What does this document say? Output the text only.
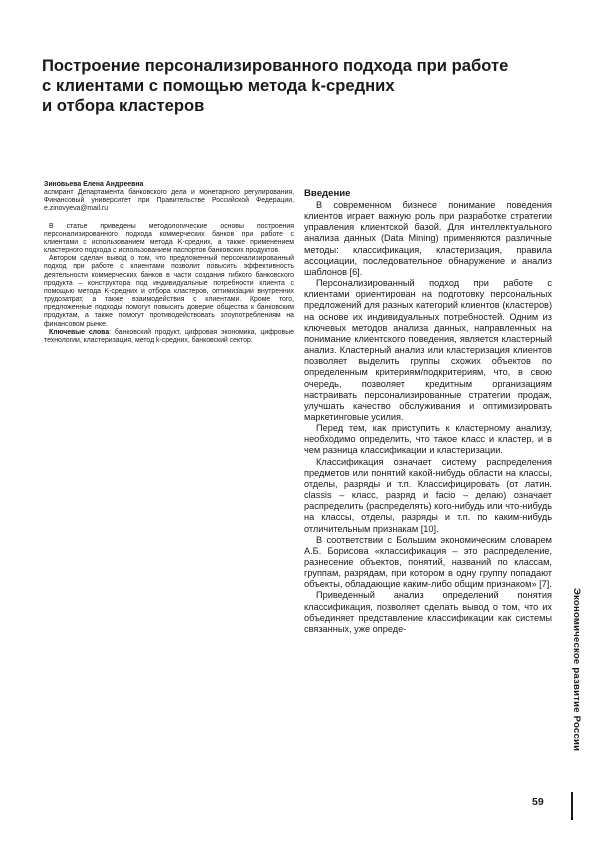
Построение персонализированного подхода при работе
с клиентами с помощью метода k-средних
и отбора кластеров

Зиновьева Елена Андреевна

аспирант Департамента банковского дела и монетарного регулирования, Финансовый университет при Правительстве Российской Федерации, e.zinovyeva@mail.ru

В статье приведены методологические основы построения персонализированного подхода коммерческих банков при работе с клиентами с использованием метода K-средних, а также применением кластерного подхода с использованием паспортов банковских продуктов.

Автором сделан вывод о том, что предложенный персонализированный подход при работе с клиентами позволит повысить эффективность деятельности коммерческих банков в части создания гибкого банковского продукта – конструктора под индивидуальные потребности клиента с помощью метода K-средних и отбора кластеров, оптимизации внутренних трудозатрат, а также взаимодействия с клиентами. Кроме того, предложенные подходы помогут повысить доверие общества к банковским продуктам, а также помогут противодействовать злоупотреблениям на финансовом рынке.

Ключевые слова: банковский продукт, цифровая экономика, цифровые технологии, кластеризация, метод k-средних, банковский сектор.

Введение

В современном бизнесе понимание поведения клиентов играет важную роль при разработке стратегии управления клиентской базой. Для интеллектуального анализа данных (Data Mining) применяются различные методы: классификация, кластеризация, правила ассоциации, последовательное обнаружение и анализ шаблонов [6].

Персонализированный подход при работе с клиентами ориентирован на подготовку персональных предложений для разных категорий клиентов (кластеров) на основе их индивидуальных потребностей. Одним из ключевых методов анализа данных, направленных на понимание клиентского поведения, является кластерный анализ. Кластерный анализ или кластеризация клиентов позволяет выделить группы схожих объектов по определенным критериям/подкритериям, что, в свою очередь, позволяет кредитным организациям настраивать персонализированные стратегии продаж, улучшать качество обслуживания и оптимизировать маркетинговые усилия.

Перед тем, как приступить к кластерному анализу, необходимо определить, что такое класс и кластер, и в чем разница классификации и кластеризации.

Классификация означает систему распределения предметов или понятий какой-нибудь области на классы, отделы, разряды и т.п. Классифицировать (от латин. classis – класс, разряд и facio – делаю) означает распределить (распределять) кого-нибудь или что-нибудь на классы, отделы, разряды и т.п. по каким-нибудь отличительным признакам [10].

В соответствии с Большим экономическим словарем А.Б. Борисова «классификация – это распределение, разнесение объектов, понятий, названий по классам, группам, разрядам, при котором в одну группу попадают объекты, обладающие каким-либо общим признаком» [7].

Приведенный анализ определений понятия классификация, позволяет сделать вывод о том, что их объединяет представление классификации как системы связанных, уже опреде-	Экономическое развитие России
59
